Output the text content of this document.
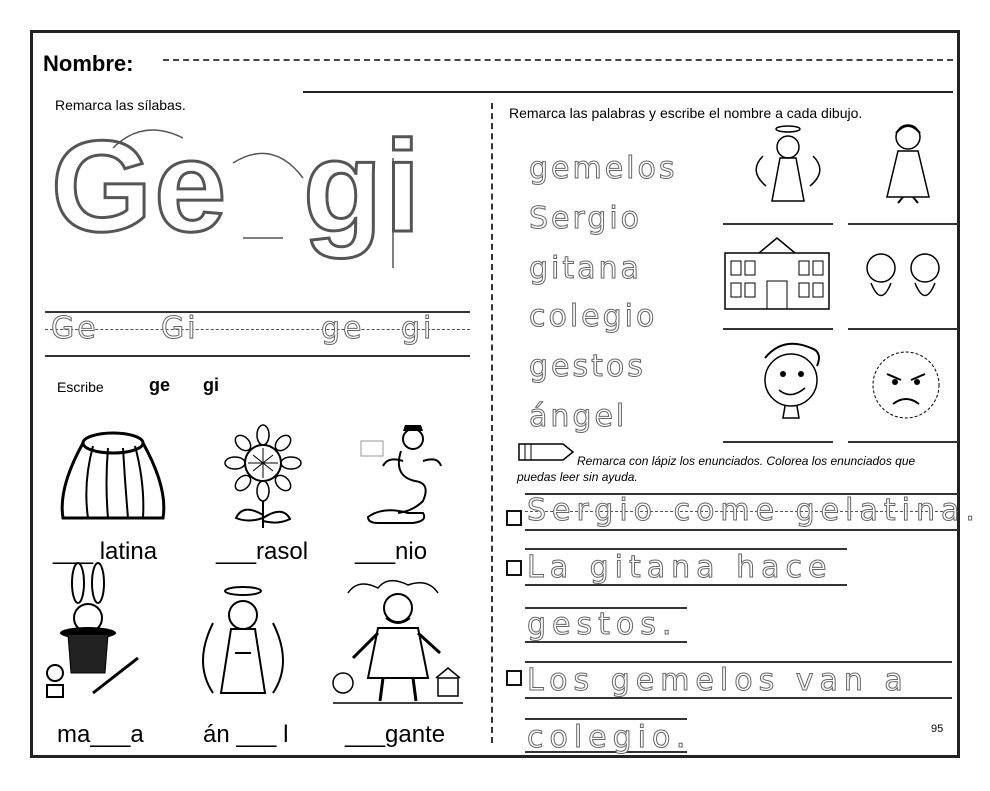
Nombre:
Remarca las sílabas.
Ge gi
Ge Gi	ge gi
Escribe	ge gi
___ latina ___rasol ___nio
ma___a án ___ l ___gante
Remarca las palabras y escribe el nombre a cada dibujo.
gemelos
Sergio
gitana
colegio
gestos
ángel
Remarca con lápiz los enunciados. Colorea los enunciados que puedas leer sin ayuda.
Sergio come gelatina.
La gitana hace
gestos.
Los gemelos van a
colegio.	95
